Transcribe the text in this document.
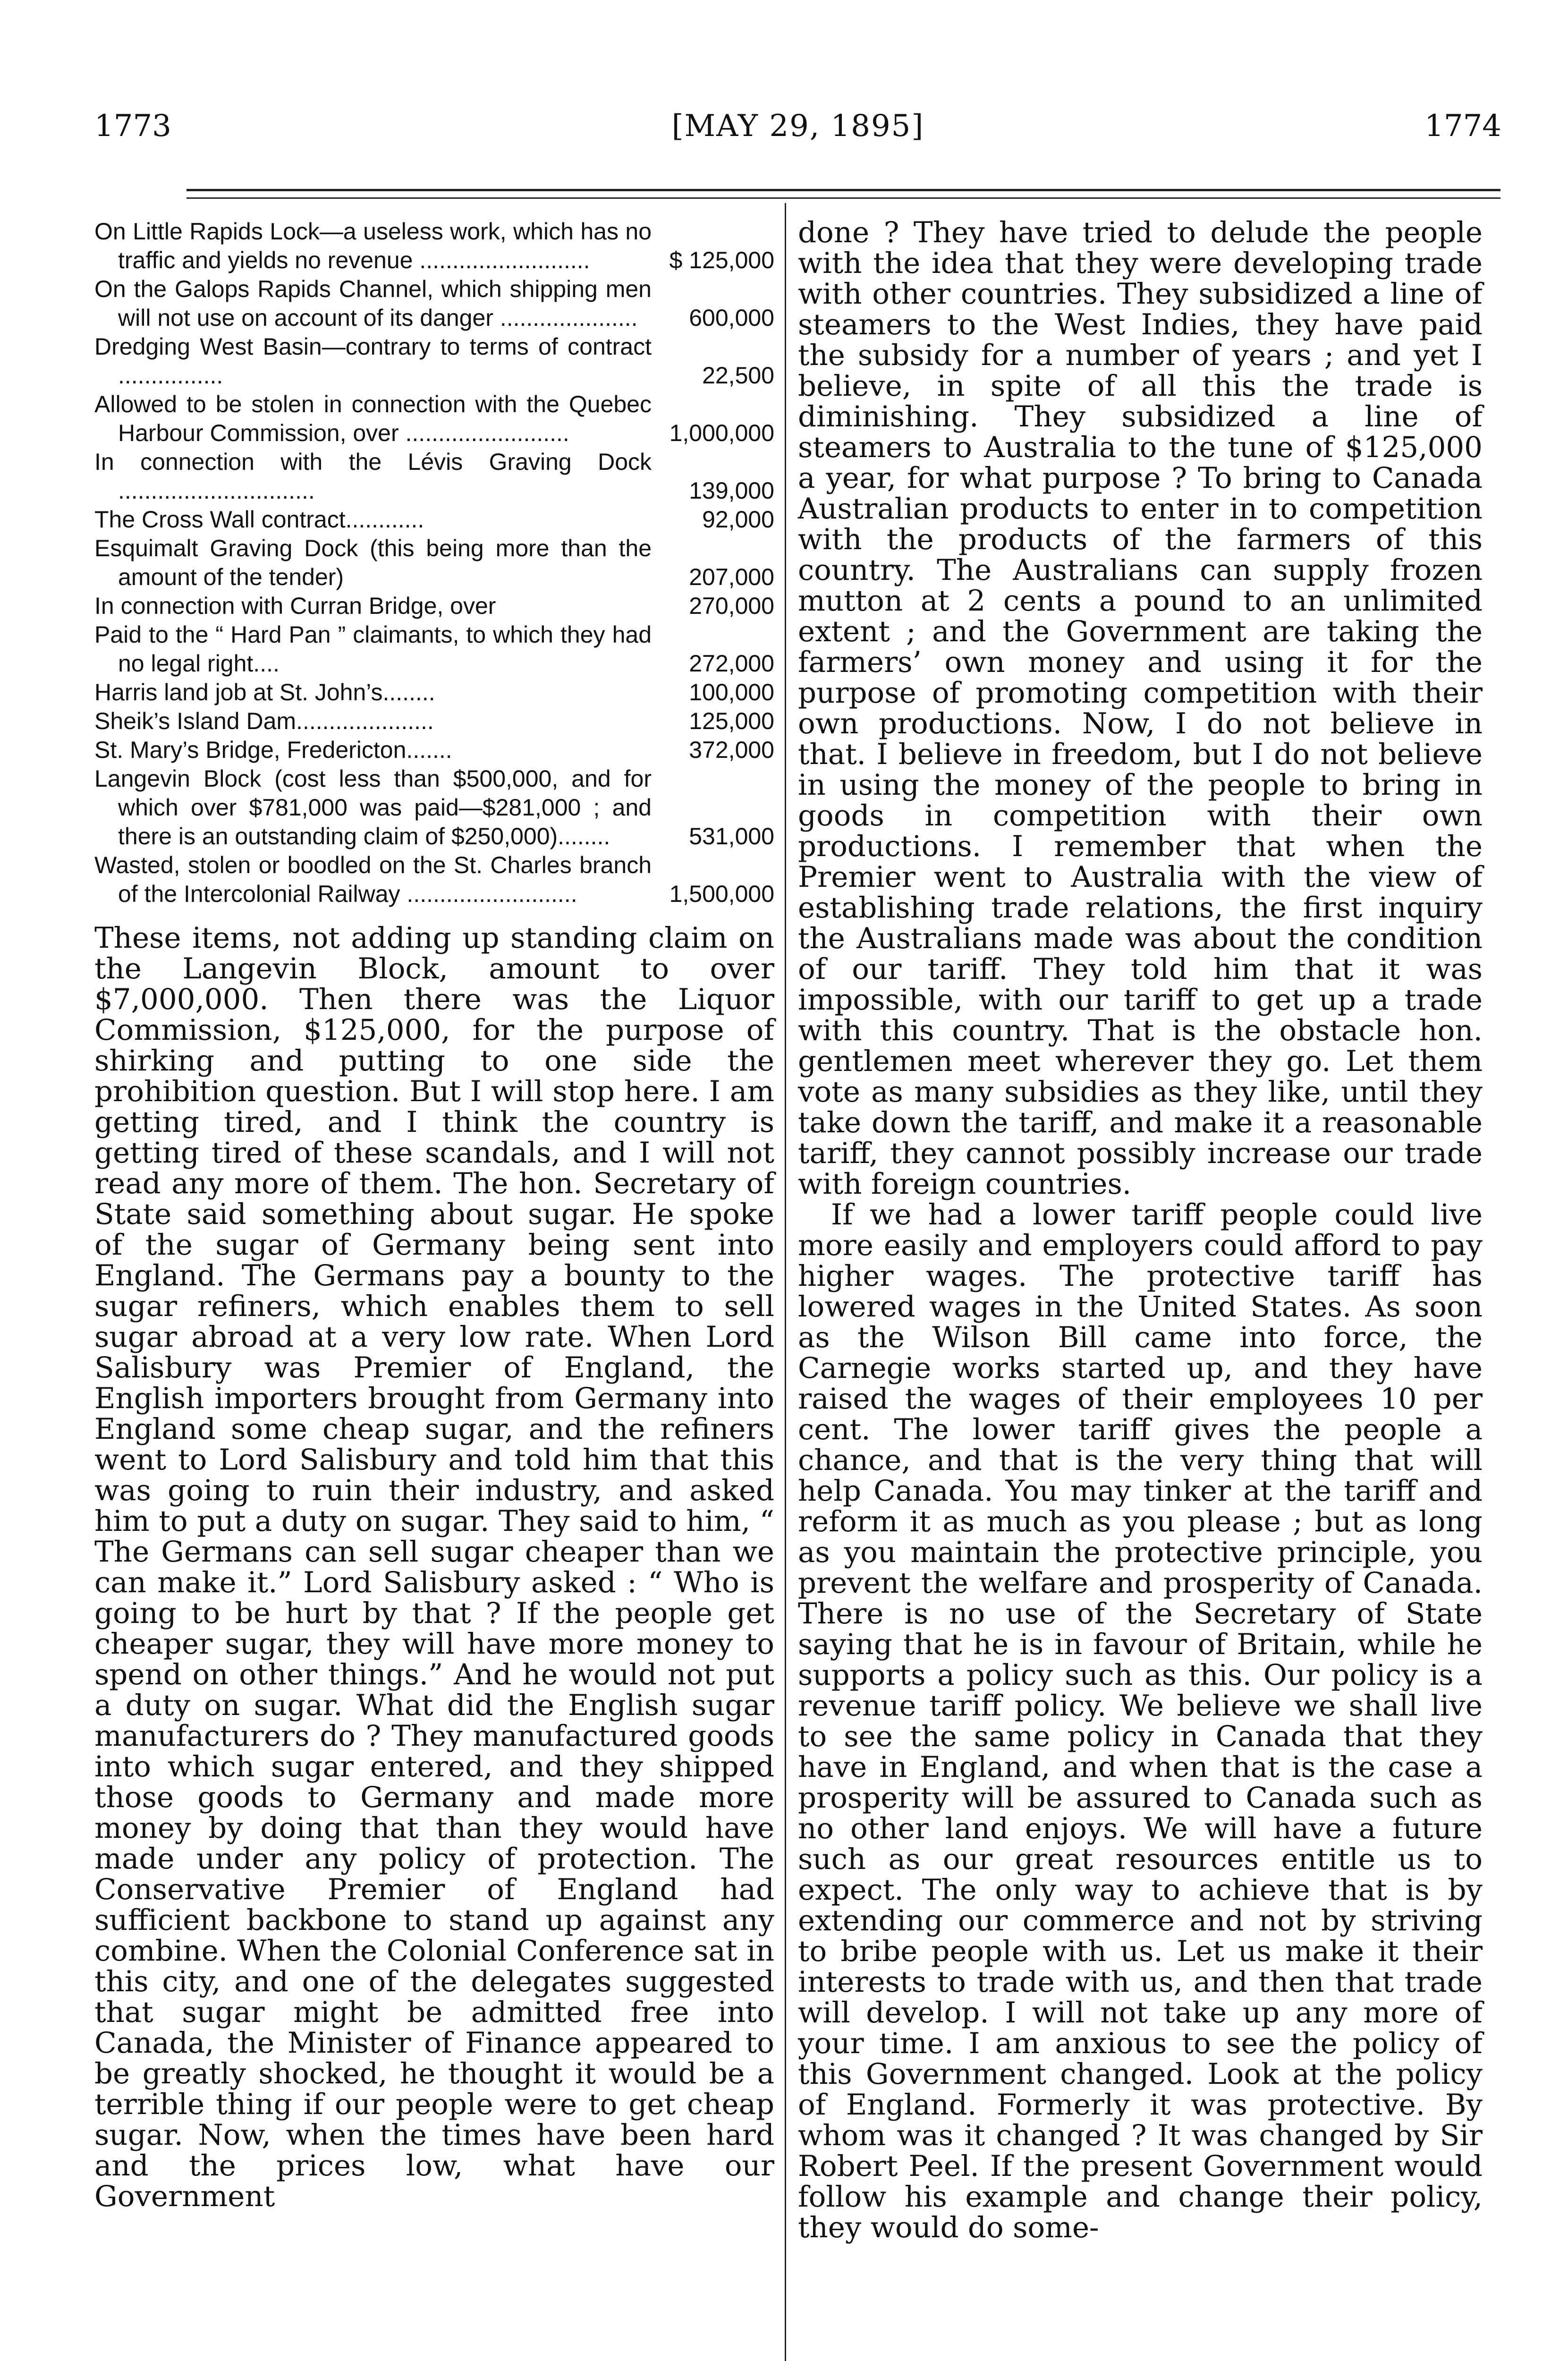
1773	[MAY 29, 1895]	1774
On Little Rapids Lock—a useless work, which has no traffic and yields no revenue ..........................	$ 125,000
On the Galops Rapids Channel, which shipping men will not use on account of its danger .....................	600,000
Dredging West Basin—contrary to terms of contract ................	22,500
Allowed to be stolen in connection with the Quebec Harbour Commission, over .........................	1,000,000
In connection with the Lévis Graving Dock ..............................	139,000
The Cross Wall contract............	92,000
Esquimalt Graving Dock (this being more than the amount of the tender)	207,000
In connection with Curran Bridge, over	270,000
Paid to the “ Hard Pan ” claimants, to which they had no legal right....	272,000
Harris land job at St. John’s........	100,000
Sheik’s Island Dam.....................	125,000
St. Mary’s Bridge, Fredericton.......	372,000
Langevin Block (cost less than $500,000, and for which over $781,000 was paid—$281,000 ; and there is an outstanding claim of $250,000)........	531,000
Wasted, stolen or boodled on the St. Charles branch of the Intercolonial Railway ..........................	1,500,000

These items, not adding up standing claim on the Langevin Block, amount to over $7,000,000. Then there was the Liquor Commission, $125,000, for the purpose of shirking and putting to one side the prohibition question. But I will stop here. I am getting tired, and I think the country is getting tired of these scandals, and I will not read any more of them. The hon. Secretary of State said something about sugar. He spoke of the sugar of Germany being sent into England. The Germans pay a bounty to the sugar refiners, which enables them to sell sugar abroad at a very low rate. When Lord Salisbury was Premier of England, the English importers brought from Germany into England some cheap sugar, and the refiners went to Lord Salisbury and told him that this was going to ruin their industry, and asked him to put a duty on sugar. They said to him, “ The Germans can sell sugar cheaper than we can make it.” Lord Salisbury asked : “ Who is going to be hurt by that ? If the people get cheaper sugar, they will have more money to spend on other things.” And he would not put a duty on sugar. What did the English sugar manufacturers do ? They manufactured goods into which sugar entered, and they shipped those goods to Germany and made more money by doing that than they would have made under any policy of protection. The Conservative Premier of England had sufficient backbone to stand up against any combine. When the Colonial Conference sat in this city, and one of the delegates suggested that sugar might be admitted free into Canada, the Minister of Finance appeared to be greatly shocked, he thought it would be a terrible thing if our people were to get cheap sugar. Now, when the times have been hard and the prices low, what have our Government

done ? They have tried to delude the people with the idea that they were developing trade with other countries. They subsidized a line of steamers to the West Indies, they have paid the subsidy for a number of years ; and yet I believe, in spite of all this the trade is diminishing. They subsidized a line of steamers to Australia to the tune of $125,000 a year, for what purpose ? To bring to Canada Australian products to enter in to competition with the products of the farmers of this country. The Australians can supply frozen mutton at 2 cents a pound to an unlimited extent ; and the Government are taking the farmers’ own money and using it for the purpose of promoting competition with their own productions. Now, I do not believe in that. I believe in freedom, but I do not believe in using the money of the people to bring in goods in competition with their own productions. I remember that when the Premier went to Australia with the view of establishing trade relations, the first inquiry the Australians made was about the condition of our tariff. They told him that it was impossible, with our tariff to get up a trade with this country. That is the obstacle hon. gentlemen meet wherever they go. Let them vote as many subsidies as they like, until they take down the tariff, and make it a reasonable tariff, they cannot possibly increase our trade with foreign countries.

If we had a lower tariff people could live more easily and employers could afford to pay higher wages. The protective tariff has lowered wages in the United States. As soon as the Wilson Bill came into force, the Carnegie works started up, and they have raised the wages of their employees 10 per cent. The lower tariff gives the people a chance, and that is the very thing that will help Canada. You may tinker at the tariff and reform it as much as you please ; but as long as you maintain the protective principle, you prevent the welfare and prosperity of Canada. There is no use of the Secretary of State saying that he is in favour of Britain, while he supports a policy such as this. Our policy is a revenue tariff policy. We believe we shall live to see the same policy in Canada that they have in England, and when that is the case a prosperity will be assured to Canada such as no other land enjoys. We will have a future such as our great resources entitle us to expect. The only way to achieve that is by extending our commerce and not by striving to bribe people with us. Let us make it their interests to trade with us, and then that trade will develop. I will not take up any more of your time. I am anxious to see the policy of this Government changed. Look at the policy of England. Formerly it was protective. By whom was it changed ? It was changed by Sir Robert Peel. If the present Government would follow his example and change their policy, they would do some-
